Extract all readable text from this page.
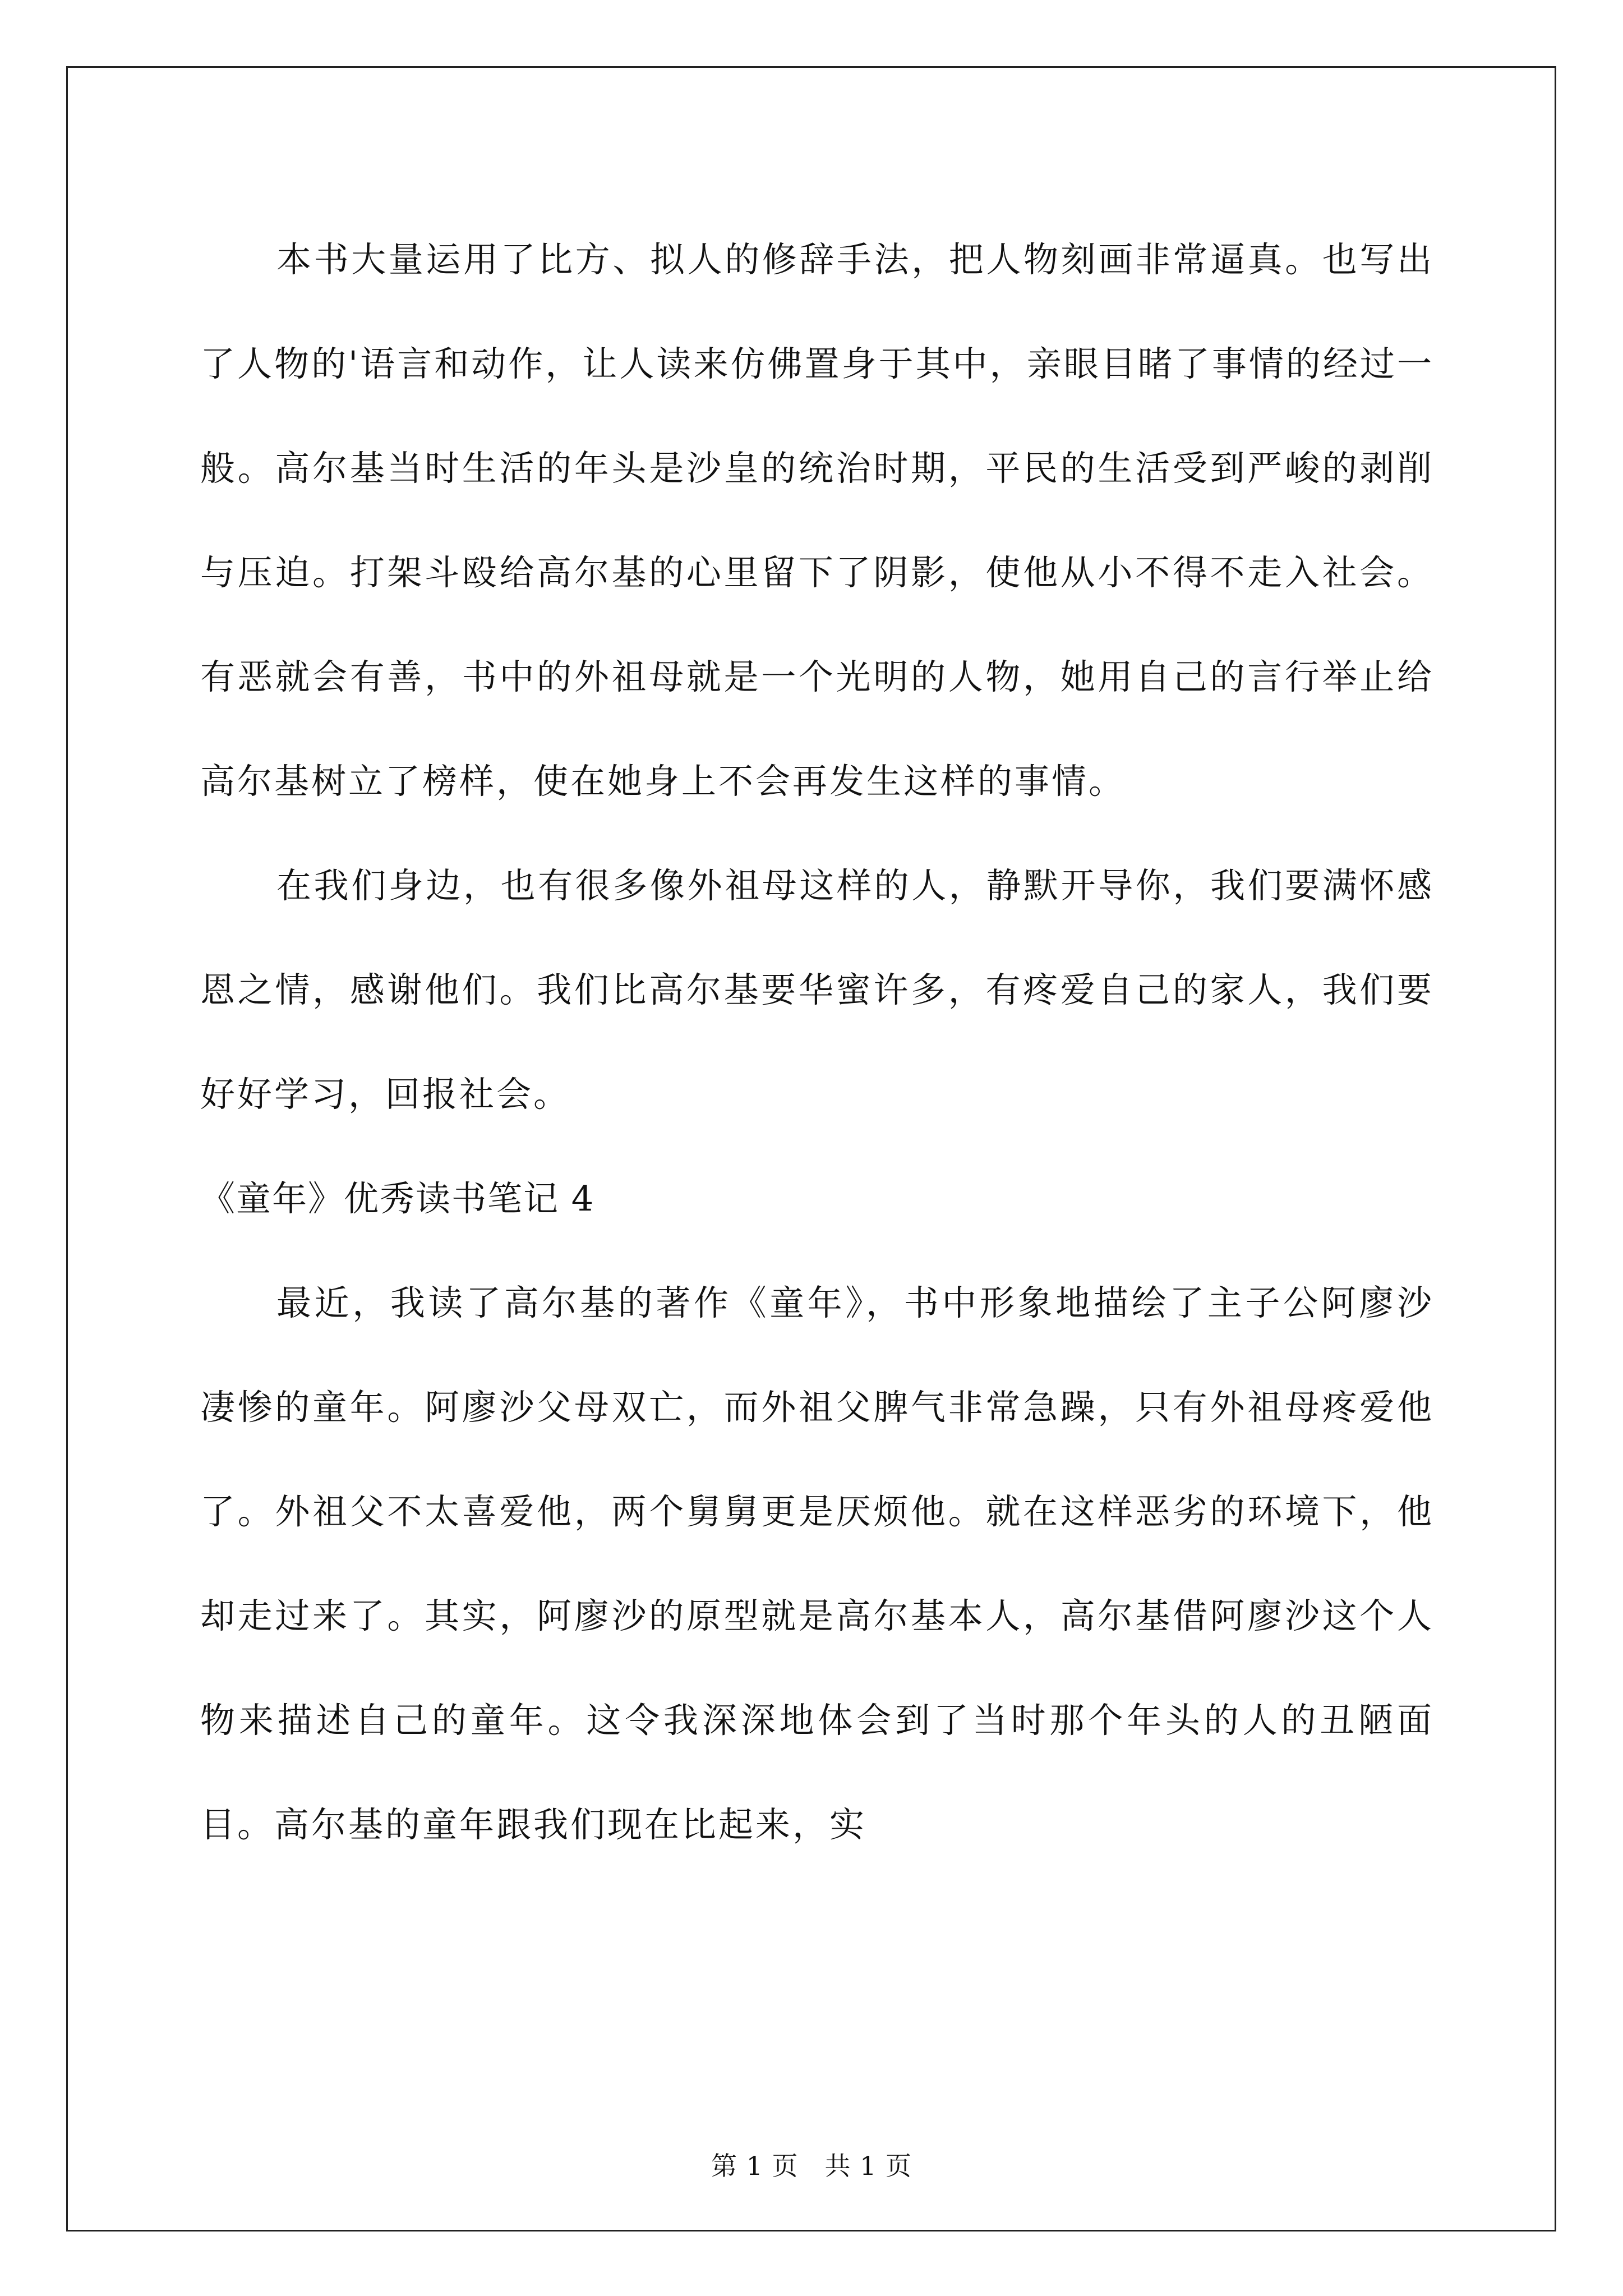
本书大量运用了比方、拟人的修辞手法，把人物刻画非常逼真。也写出了人物的'语言和动作，让人读来仿佛置身于其中，亲眼目睹了事情的经过一般。高尔基当时生活的年头是沙皇的统治时期，平民的生活受到严峻的剥削与压迫。打架斗殴给高尔基的心里留下了阴影，使他从小不得不走入社会。有恶就会有善，书中的外祖母就是一个光明的人物，她用自己的言行举止给高尔基树立了榜样，使在她身上不会再发生这样的事情。

在我们身边，也有很多像外祖母这样的人，静默开导你，我们要满怀感恩之情，感谢他们。我们比高尔基要华蜜许多，有疼爱自己的家人，我们要好好学习，回报社会。

《童年》优秀读书笔记 4

最近，我读了高尔基的著作《童年》，书中形象地描绘了主子公阿廖沙凄惨的童年。阿廖沙父母双亡，而外祖父脾气非常急躁，只有外祖母疼爱他了。外祖父不太喜爱他，两个舅舅更是厌烦他。就在这样恶劣的环境下，他却走过来了。其实，阿廖沙的原型就是高尔基本人，高尔基借阿廖沙这个人物来描述自己的童年。这令我深深地体会到了当时那个年头的人的丑陋面目。高尔基的童年跟我们现在比起来，实

第 1 页　共 1 页
